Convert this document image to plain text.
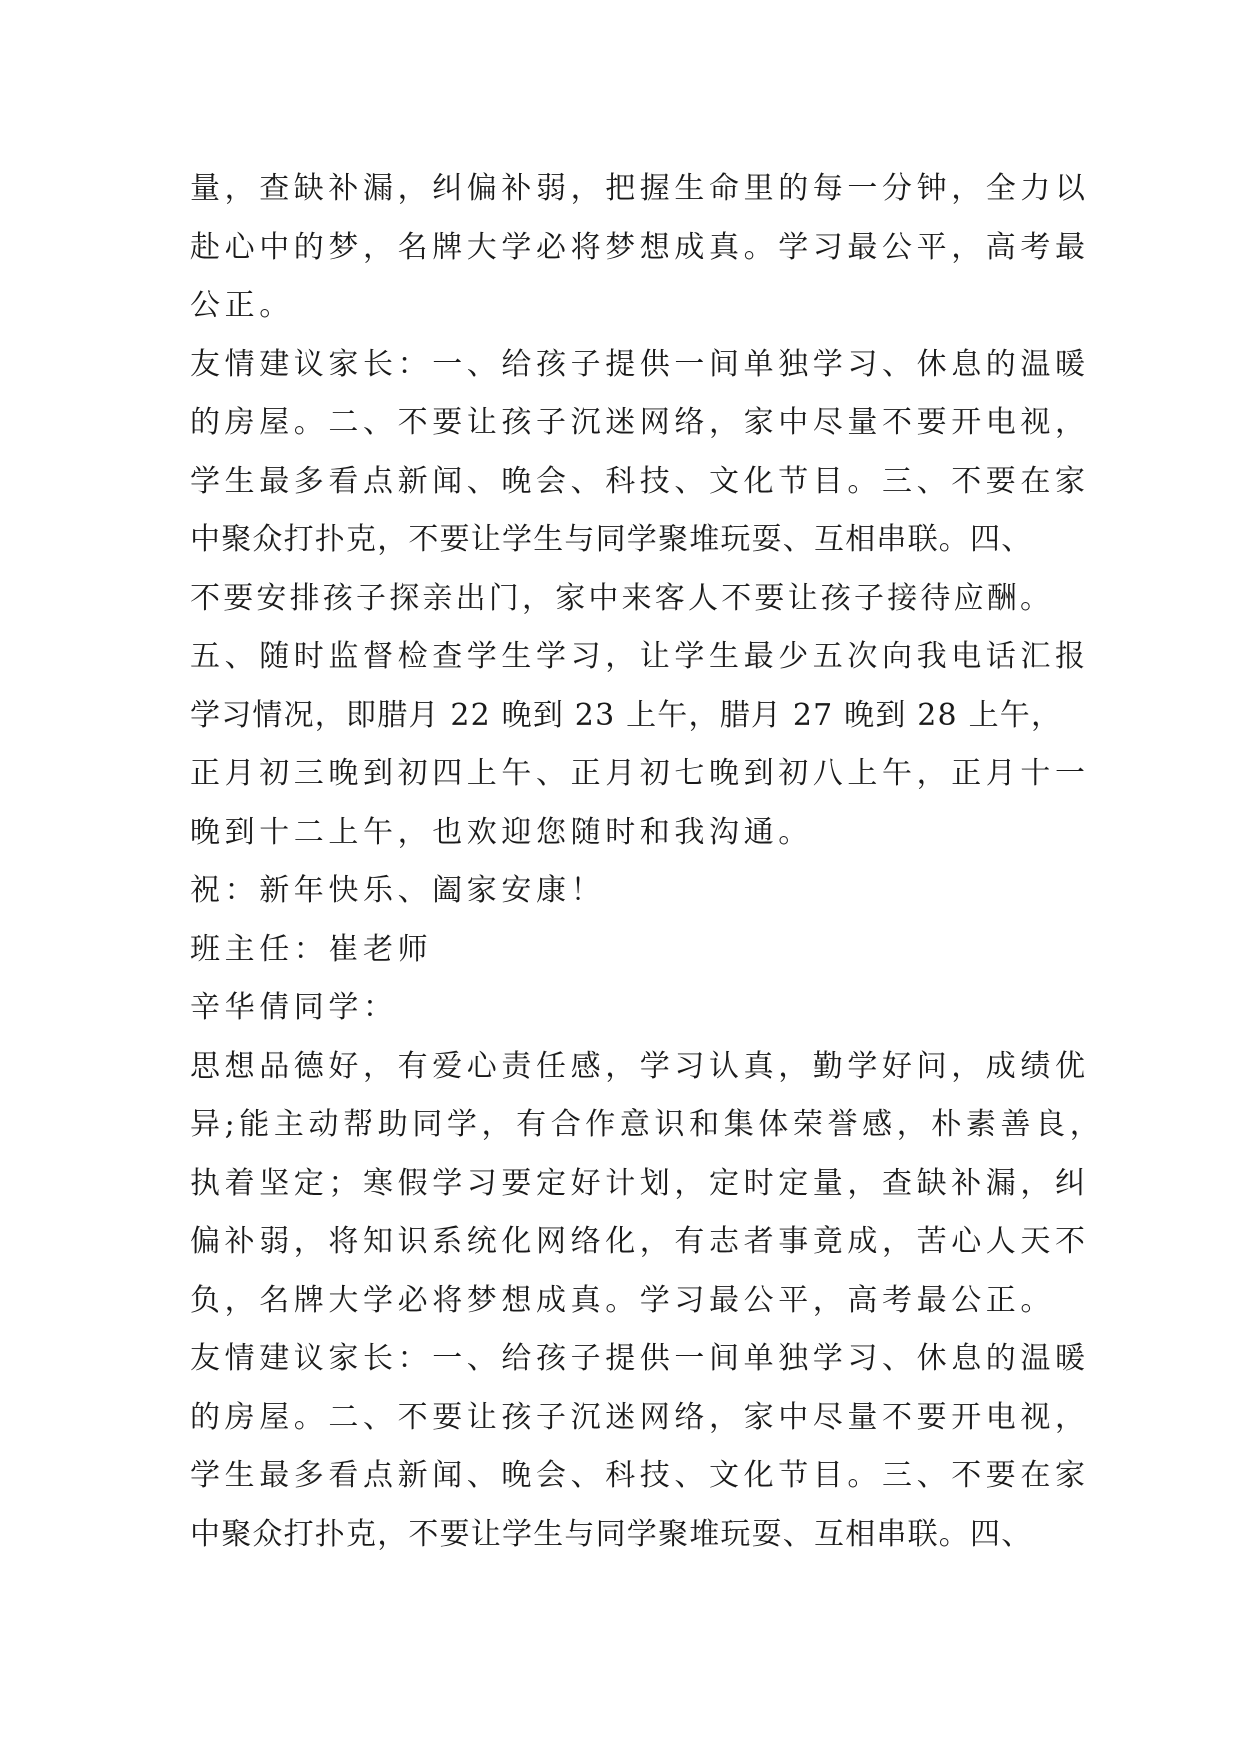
量，查缺补漏，纠偏补弱，把握生命里的每一分钟，全力以
赴心中的梦，名牌大学必将梦想成真。学习最公平，高考最
公正。
友情建议家长：一、给孩子提供一间单独学习、休息的温暖
的房屋。二、不要让孩子沉迷网络，家中尽量不要开电视，
学生最多看点新闻、晚会、科技、文化节目。三、不要在家
中聚众打扑克，不要让学生与同学聚堆玩耍、互相串联。四、
不要安排孩子探亲出门，家中来客人不要让孩子接待应酬。
五、随时监督检查学生学习，让学生最少五次向我电话汇报
学习情况，即腊月 22 晚到 23 上午，腊月 27 晚到 28 上午，
正月初三晚到初四上午、正月初七晚到初八上午，正月十一
晚到十二上午，也欢迎您随时和我沟通。
祝：新年快乐、阖家安康！
班主任：崔老师
辛华倩同学：
思想品德好，有爱心责任感，学习认真，勤学好问，成绩优
异;能主动帮助同学，有合作意识和集体荣誉感，朴素善良，
执着坚定；寒假学习要定好计划，定时定量，查缺补漏，纠
偏补弱，将知识系统化网络化，有志者事竟成，苦心人天不
负，名牌大学必将梦想成真。学习最公平，高考最公正。
友情建议家长：一、给孩子提供一间单独学习、休息的温暖
的房屋。二、不要让孩子沉迷网络，家中尽量不要开电视，
学生最多看点新闻、晚会、科技、文化节目。三、不要在家
中聚众打扑克，不要让学生与同学聚堆玩耍、互相串联。四、
